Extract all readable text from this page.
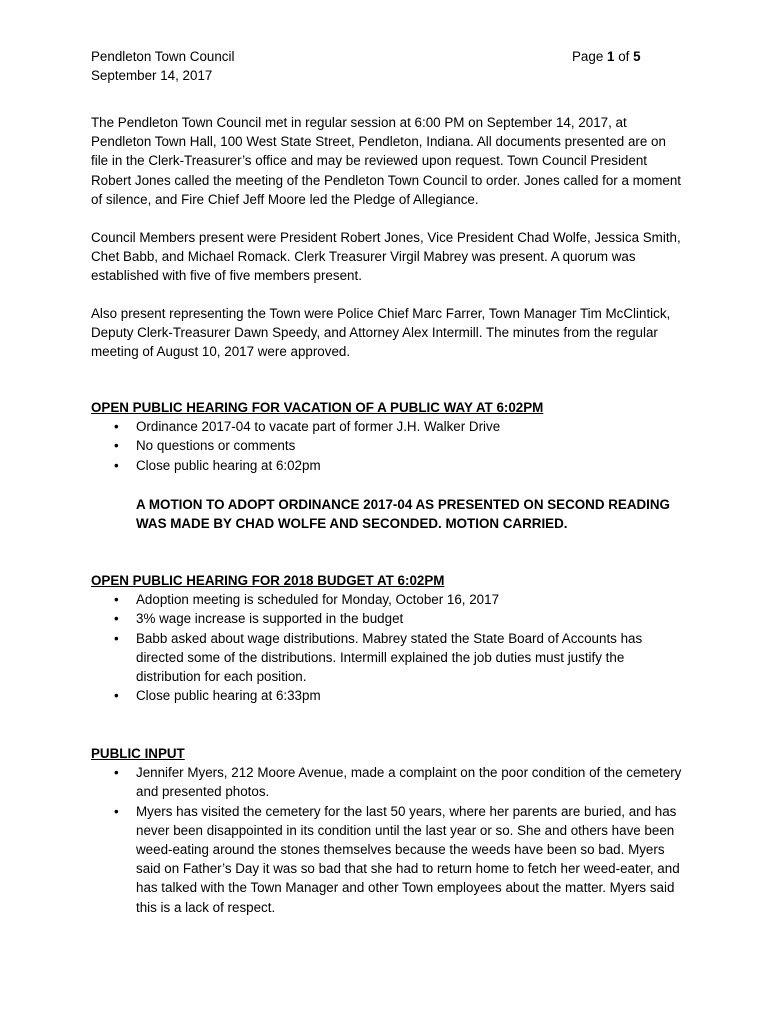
Pendleton Town Council
September 14, 2017
Page 1 of 5

The Pendleton Town Council met in regular session at 6:00 PM on September 14, 2017, at Pendleton Town Hall, 100 West State Street, Pendleton, Indiana. All documents presented are on file in the Clerk-Treasurer’s office and may be reviewed upon request. Town Council President Robert Jones called the meeting of the Pendleton Town Council to order. Jones called for a moment of silence, and Fire Chief Jeff Moore led the Pledge of Allegiance.

Council Members present were President Robert Jones, Vice President Chad Wolfe, Jessica Smith, Chet Babb, and Michael Romack. Clerk Treasurer Virgil Mabrey was present. A quorum was established with five of five members present.

Also present representing the Town were Police Chief Marc Farrer, Town Manager Tim McClintick, Deputy Clerk-Treasurer Dawn Speedy, and Attorney Alex Intermill. The minutes from the regular meeting of August 10, 2017 were approved.

OPEN PUBLIC HEARING FOR VACATION OF A PUBLIC WAY AT 6:02PM
• Ordinance 2017-04 to vacate part of former J.H. Walker Drive
• No questions or comments
• Close public hearing at 6:02pm

A MOTION TO ADOPT ORDINANCE 2017-04 AS PRESENTED ON SECOND READING WAS MADE BY CHAD WOLFE AND SECONDED. MOTION CARRIED.

OPEN PUBLIC HEARING FOR 2018 BUDGET AT 6:02PM
• Adoption meeting is scheduled for Monday, October 16, 2017
• 3% wage increase is supported in the budget
• Babb asked about wage distributions. Mabrey stated the State Board of Accounts has directed some of the distributions. Intermill explained the job duties must justify the distribution for each position.
• Close public hearing at 6:33pm
PUBLIC INPUT
• Jennifer Myers, 212 Moore Avenue, made a complaint on the poor condition of the cemetery and presented photos.
• Myers has visited the cemetery for the last 50 years, where her parents are buried, and has never been disappointed in its condition until the last year or so. She and others have been weed-eating around the stones themselves because the weeds have been so bad. Myers said on Father’s Day it was so bad that she had to return home to fetch her weed-eater, and has talked with the Town Manager and other Town employees about the matter. Myers said this is a lack of respect.
